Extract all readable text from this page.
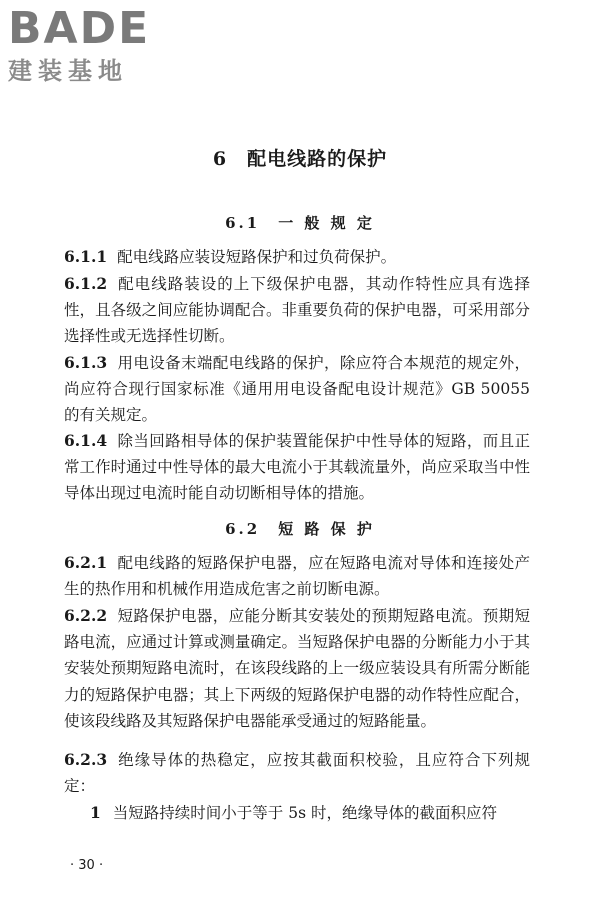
BADE
建装基地
6　配电线路的保护
6.1　一 般 规 定
6.1.1 配电线路应装设短路保护和过负荷保护。
6.1.2 配电线路装设的上下级保护电器，其动作特性应具有选择性，且各级之间应能协调配合。非重要负荷的保护电器，可采用部分选择性或无选择性切断。
6.1.3 用电设备末端配电线路的保护，除应符合本规范的规定外，尚应符合现行国家标准《通用用电设备配电设计规范》GB 50055 的有关规定。
6.1.4 除当回路相导体的保护装置能保护中性导体的短路，而且正常工作时通过中性导体的最大电流小于其载流量外，尚应采取当中性导体出现过电流时能自动切断相导体的措施。
6.2　短 路 保 护
6.2.1 配电线路的短路保护电器，应在短路电流对导体和连接处产生的热作用和机械作用造成危害之前切断电源。
6.2.2 短路保护电器，应能分断其安装处的预期短路电流。预期短路电流，应通过计算或测量确定。当短路保护电器的分断能力小于其安装处预期短路电流时，在该段线路的上一级应装设具有所需分断能力的短路保护电器；其上下两级的短路保护电器的动作特性应配合，使该段线路及其短路保护电器能承受通过的短路能量。
6.2.3 绝缘导体的热稳定，应按其截面积校验，且应符合下列规定：
1 当短路持续时间小于等于 5s 时，绝缘导体的截面积应符
· 30 ·
